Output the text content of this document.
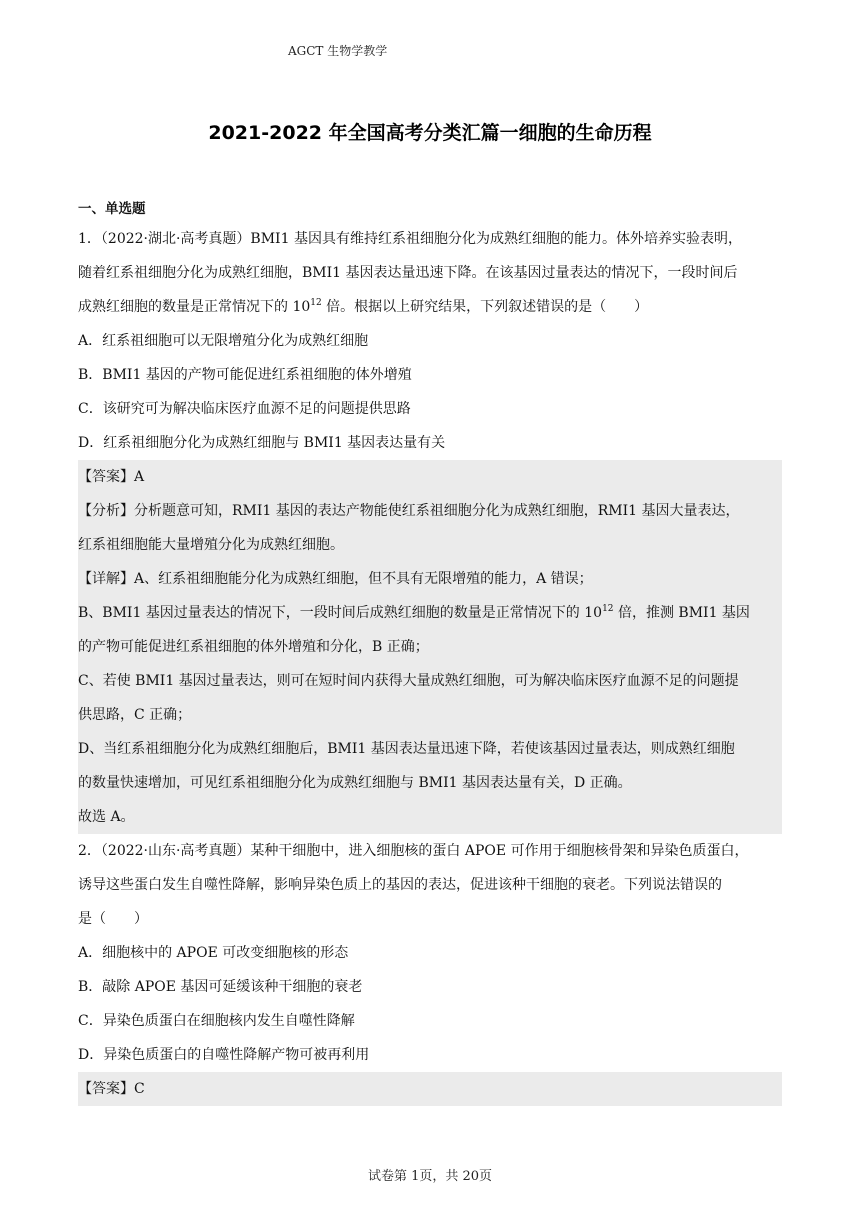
AGCT 生物学教学
2021-2022 年全国高考分类汇篇一细胞的生命历程
一、单选题
1．（2022·湖北·高考真题）BMI1 基因具有维持红系祖细胞分化为成熟红细胞的能力。体外培养实验表明，
随着红系祖细胞分化为成熟红细胞，BMI1 基因表达量迅速下降。在该基因过量表达的情况下，一段时间后
成熟红细胞的数量是正常情况下的 $10^{12}$ 倍。根据以上研究结果，下列叙述错误的是（　　）
A．红系祖细胞可以无限增殖分化为成熟红细胞
B．BMI1 基因的产物可能促进红系祖细胞的体外增殖
C．该研究可为解决临床医疗血源不足的问题提供思路
D．红系祖细胞分化为成熟红细胞与 BMI1 基因表达量有关
【答案】A
【分析】分析题意可知，RMI1 基因的表达产物能使红系祖细胞分化为成熟红细胞，RMI1 基因大量表达，
红系祖细胞能大量增殖分化为成熟红细胞。
【详解】A、红系祖细胞能分化为成熟红细胞，但不具有无限增殖的能力，A 错误；
B、BMI1 基因过量表达的情况下，一段时间后成熟红细胞的数量是正常情况下的 $10^{12}$ 倍，推测 BMI1 基因
的产物可能促进红系祖细胞的体外增殖和分化，B 正确；
C、若使 BMI1 基因过量表达，则可在短时间内获得大量成熟红细胞，可为解决临床医疗血源不足的问题提
供思路，C 正确；
D、当红系祖细胞分化为成熟红细胞后，BMI1 基因表达量迅速下降，若使该基因过量表达，则成熟红细胞
的数量快速增加，可见红系祖细胞分化为成熟红细胞与 BMI1 基因表达量有关，D 正确。
故选 A。
2．（2022·山东·高考真题）某种干细胞中，进入细胞核的蛋白 APOE 可作用于细胞核骨架和异染色质蛋白，
诱导这些蛋白发生自噬性降解，影响异染色质上的基因的表达，促进该种干细胞的衰老。下列说法错误的
是（　　）
A．细胞核中的 APOE 可改变细胞核的形态
B．敲除 APOE 基因可延缓该种干细胞的衰老
C．异染色质蛋白在细胞核内发生自噬性降解
D．异染色质蛋白的自噬性降解产物可被再利用
【答案】C
试卷第 1页，共 20页
